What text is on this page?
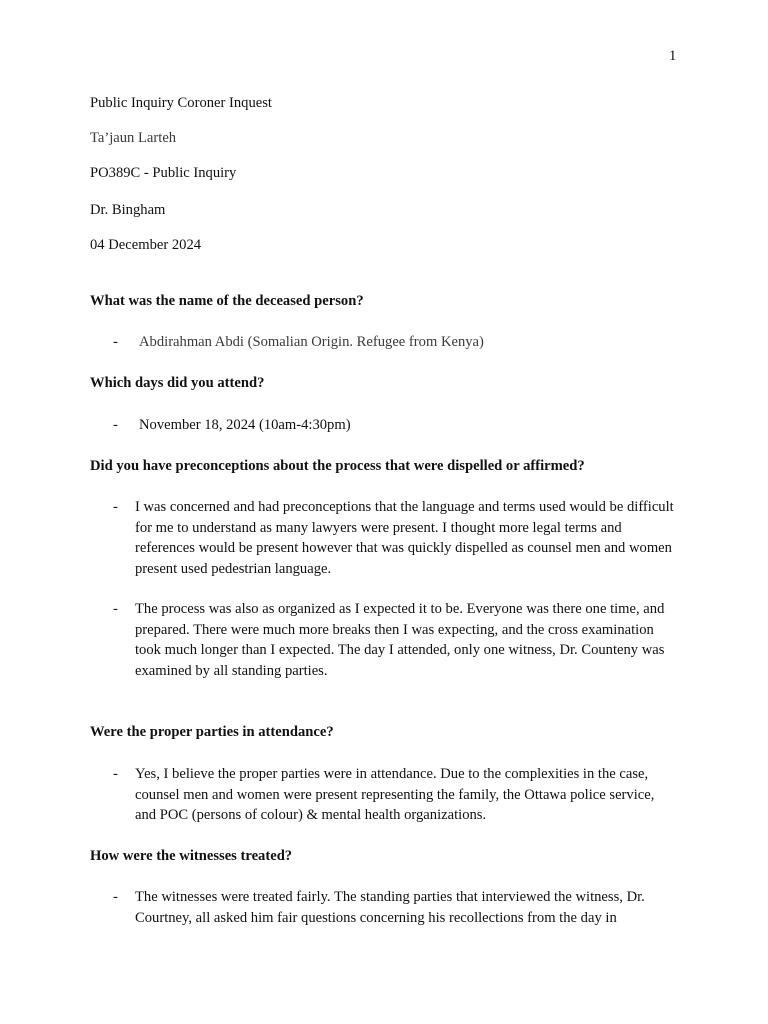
1
Public Inquiry Coroner Inquest
Ta’jaun Larteh
PO389C - Public Inquiry
Dr. Bingham
04 December 2024
What was the name of the deceased person?
- Abdirahman Abdi (Somalian Origin. Refugee from Kenya)
Which days did you attend?
- November 18, 2024 (10am-4:30pm)
Did you have preconceptions about the process that were dispelled or affirmed?
- I was concerned and had preconceptions that the language and terms used would be difficult for me to understand as many lawyers were present. I thought more legal terms and references would be present however that was quickly dispelled as counsel men and women present used pedestrian language.
- The process was also as organized as I expected it to be. Everyone was there one time, and prepared. There were much more breaks then I was expecting, and the cross examination took much longer than I expected. The day I attended, only one witness, Dr. Counteny was examined by all standing parties.
Were the proper parties in attendance?
- Yes, I believe the proper parties were in attendance. Due to the complexities in the case, counsel men and women were present representing the family, the Ottawa police service, and POC (persons of colour) & mental health organizations.
How were the witnesses treated?
- The witnesses were treated fairly. The standing parties that interviewed the witness, Dr. Courtney, all asked him fair questions concerning his recollections from the day in
